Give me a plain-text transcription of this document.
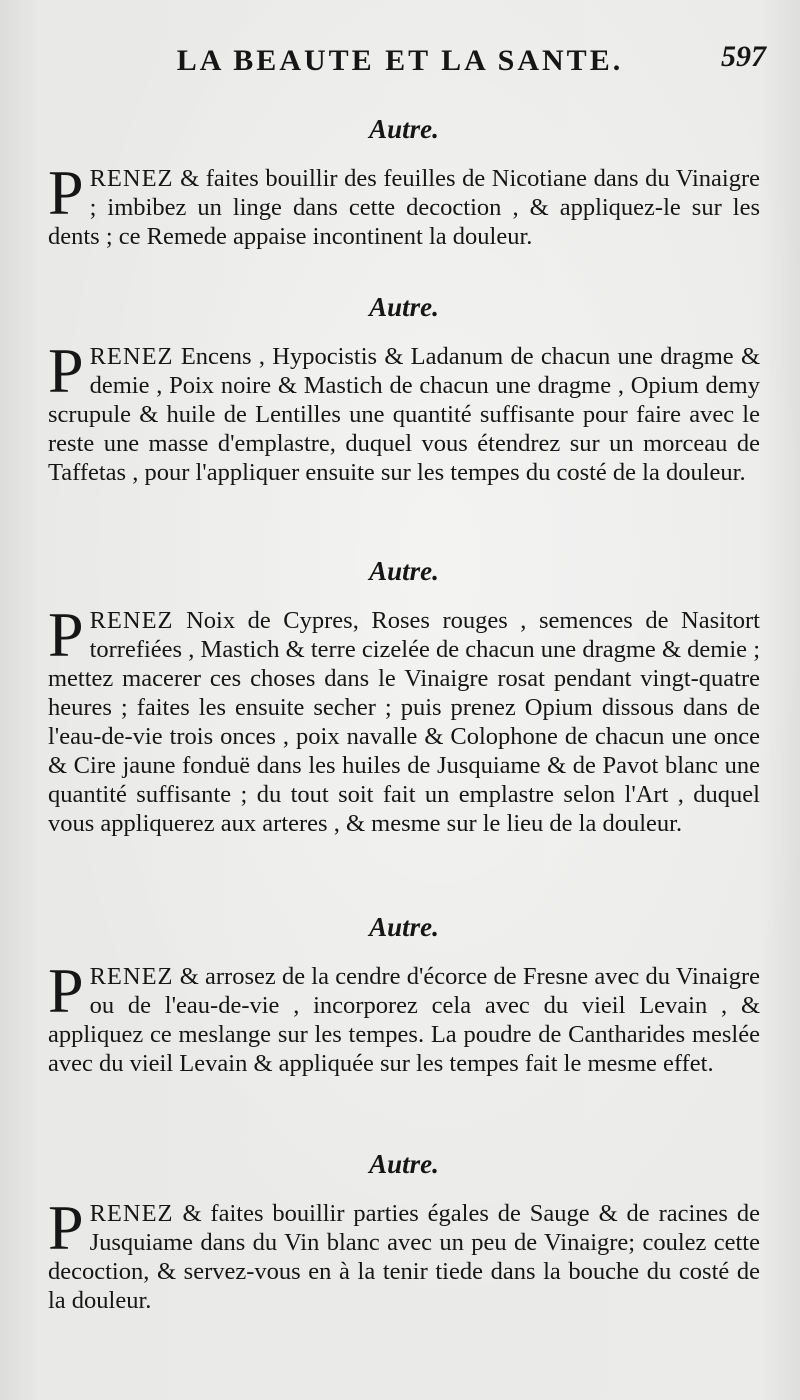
LA BEAUTE ET LA SANTE.	597
Autre.

PRENEZ & faites bouillir des feuilles de Nicotiane dans du Vinaigre ; imbibez un linge dans cette decoction , & appliquez-le sur les dents ; ce Remede appaise incontinent la douleur.

Autre.

PRENEZ Encens , Hypocistis & Ladanum de chacun une dragme & demie , Poix noire & Mastich de chacun une dragme , Opium demy scrupule & huile de Lentilles une quantité suffisante pour faire avec le reste une masse d'emplastre, duquel vous étendrez sur un morceau de Taffetas , pour l'appliquer ensuite sur les tempes du costé de la douleur.

Autre.

PRENEZ Noix de Cypres, Roses rouges , semences de Nasitort torrefiées , Mastich & terre cizelée de chacun une dragme & demie ; mettez macerer ces choses dans le Vinaigre rosat pendant vingt-quatre heures ; faites les ensuite secher ; puis prenez Opium dissous dans de l'eau-de-vie trois onces , poix navalle & Colophone de chacun une once & Cire jaune fonduë dans les huiles de Jusquiame & de Pavot blanc une quantité suffisante ; du tout soit fait un emplastre selon l'Art , duquel vous appliquerez aux arteres , & mesme sur le lieu de la douleur.

Autre.

PRENEZ & arrosez de la cendre d'écorce de Fresne avec du Vinaigre ou de l'eau-de-vie , incorporez cela avec du vieil Levain , & appliquez ce meslange sur les tempes. La poudre de Cantharides meslée avec du vieil Levain & appliquée sur les tempes fait le mesme effet.

Autre.

PRENEZ & faites bouillir parties égales de Sauge & de racines de Jusquiame dans du Vin blanc avec un peu de Vinaigre; coulez cette decoction, & servez-vous en à la tenir tiede dans la bouche du costé de la douleur.
